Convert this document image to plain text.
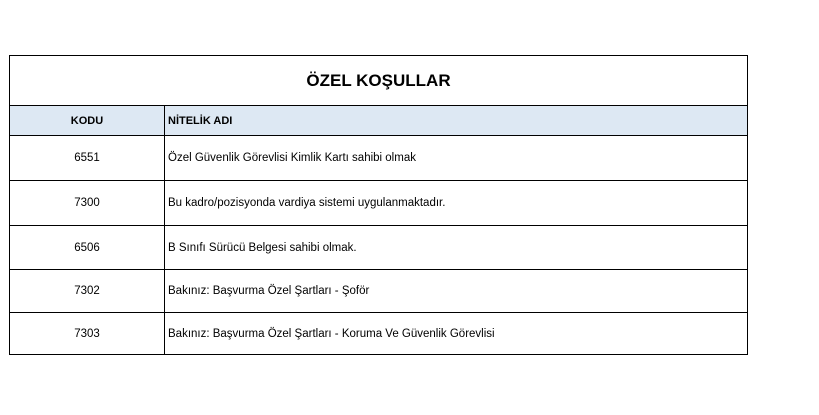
ÖZEL KOŞULLAR	
KODU	NİTELİK ADI
6551	Özel Güvenlik Görevlisi Kimlik Kartı sahibi olmak
7300	Bu kadro/pozisyonda vardiya sistemi uygulanmaktadır.
6506	B Sınıfı Sürücü Belgesi sahibi olmak.
7302	Bakınız: Başvurma Özel Şartları - Şoför
7303	Bakınız: Başvurma Özel Şartları - Koruma Ve Güvenlik Görevlisi
